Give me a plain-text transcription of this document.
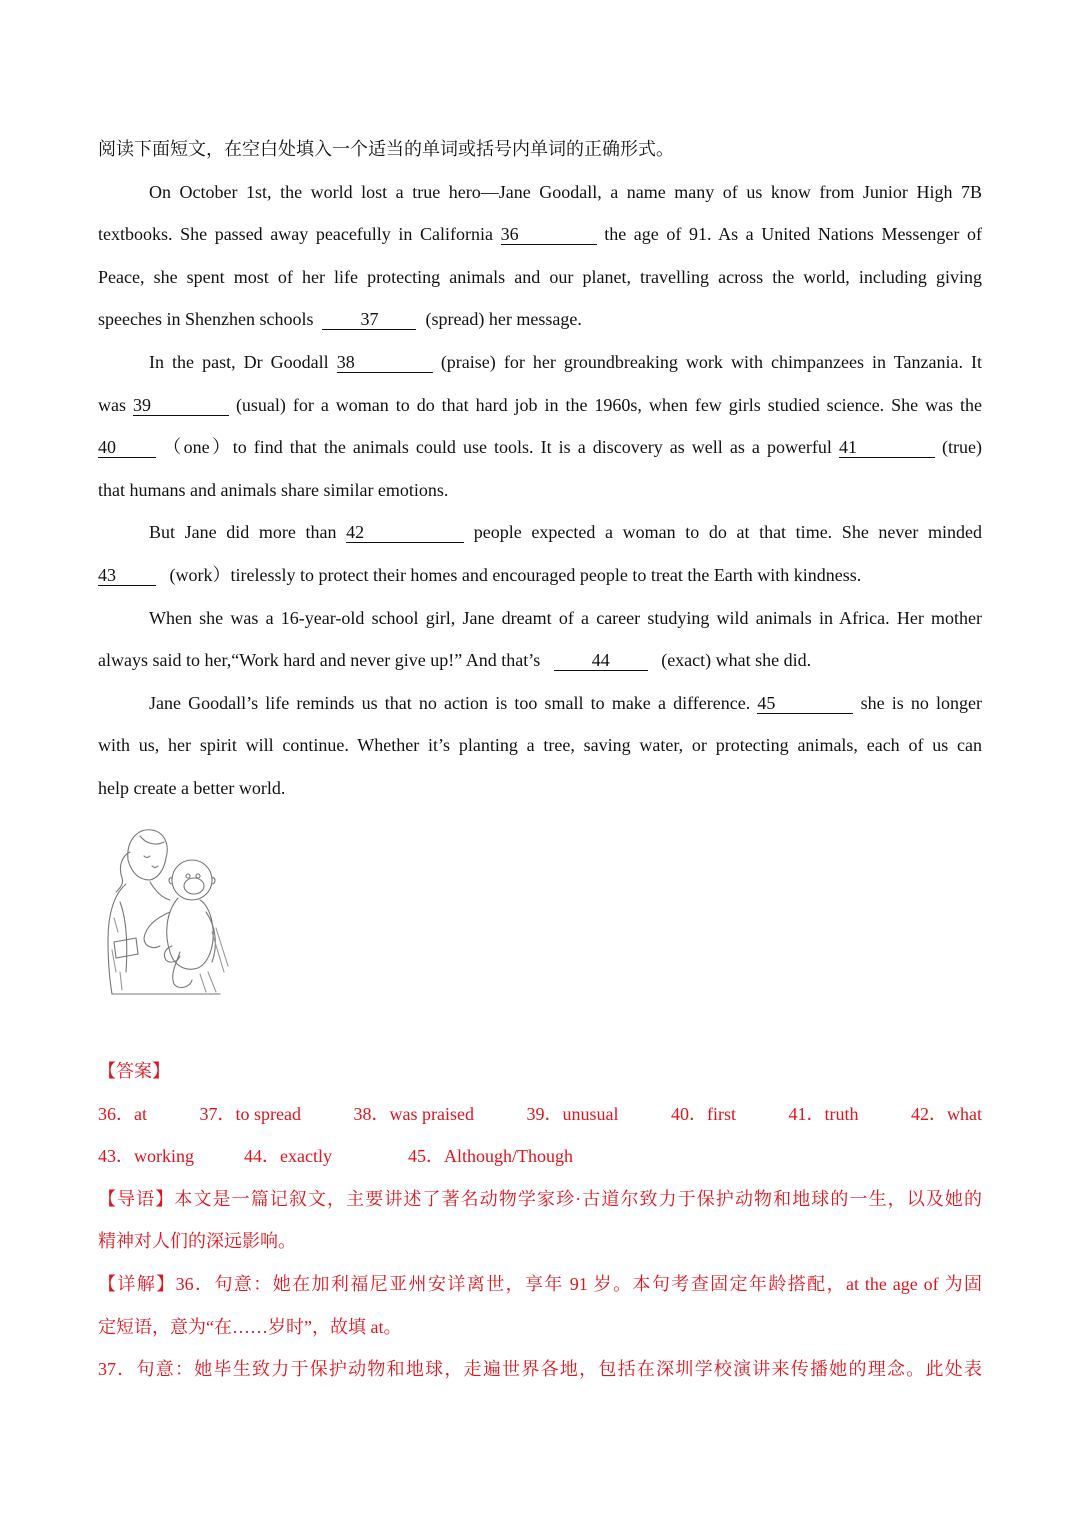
阅读下面短文，在空白处填入一个适当的单词或括号内单词的正确形式。
On October 1st, the world lost a true hero—Jane Goodall, a name many of us know from Junior High 7B
textbooks. She passed away peacefully in California 36	the age of 91. As a United Nations Messenger of
Peace, she spent most of her life protecting animals and our planet, travelling across the world, including giving
speeches in Shenzhen schools	37	(spread) her message.
In the past, Dr Goodall 38	(praise) for her groundbreaking work with chimpanzees in Tanzania. It
was 39	(usual) for a woman to do that hard job in the 1960s, when few girls studied science. She was the
40	（one）to find that the animals could use tools. It is a discovery as well as a powerful 41	(true)
that humans and animals share similar emotions.
But Jane did more than 42	people expected a woman to do at that time. She never minded
43	(work）tirelessly to protect their homes and encouraged people to treat the Earth with kindness.
When she was a 16-year-old school girl, Jane dreamt of a career studying wild animals in Africa. Her mother
always said to her,“Work hard and never give up!” And that’s	44	(exact) what she did.
Jane Goodall’s life reminds us that no action is too small to make a difference. 45	she is no longer
with us, her spirit will continue. Whether it’s planting a tree, saving water, or protecting animals, each of us can
help create a better world.
【答案】
36．at	37．to spread	38．was praised	39．unusual	40．first	41．truth	42．what
43．working	44．exactly	45．Although/Though
【导语】本文是一篇记叙文，主要讲述了著名动物学家珍·古道尔致力于保护动物和地球的一生，以及她的
精神对人们的深远影响。
【详解】36．句意：她在加利福尼亚州安详离世，享年 91 岁。本句考查固定年龄搭配，at the age of 为固
定短语，意为“在……岁时”，故填 at。
37．句意：她毕生致力于保护动物和地球，走遍世界各地，包括在深圳学校演讲来传播她的理念。此处表
